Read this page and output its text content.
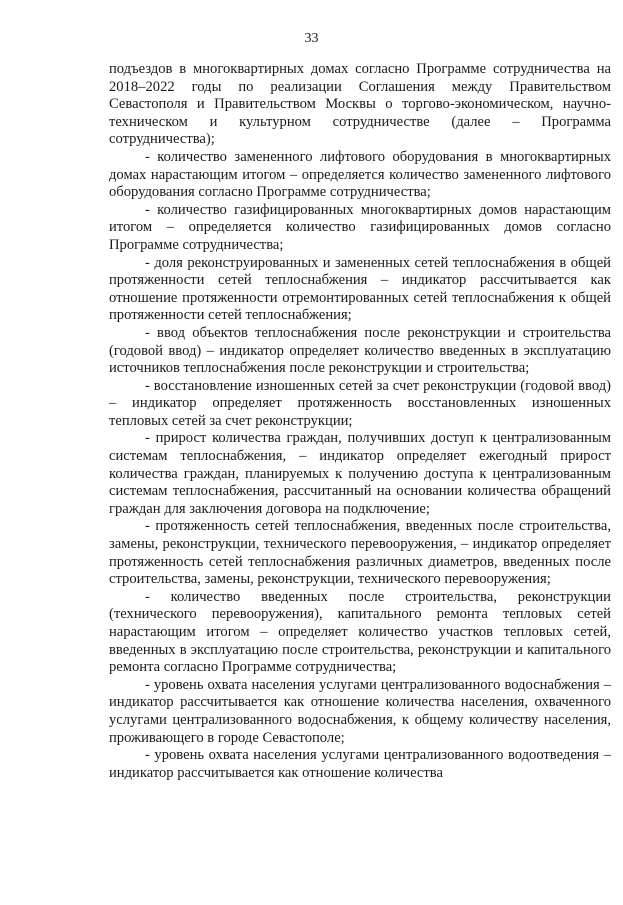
33

подъездов в многоквартирных домах согласно Программе сотрудничества на 2018–2022 годы по реализации Соглашения между Правительством Севастополя и Правительством Москвы о торгово-экономическом, научно-техническом и культурном сотрудничестве (далее – Программа сотрудничества);

- количество замененного лифтового оборудования в многоквартирных домах нарастающим итогом – определяется количество замененного лифтового оборудования согласно Программе сотрудничества;

- количество газифицированных многоквартирных домов нарастающим итогом – определяется количество газифицированных домов согласно Программе сотрудничества;

- доля реконструированных и замененных сетей теплоснабжения в общей протяженности сетей теплоснабжения – индикатор рассчитывается как отношение протяженности отремонтированных сетей теплоснабжения к общей протяженности сетей теплоснабжения;

- ввод объектов теплоснабжения после реконструкции и строительства (годовой ввод) – индикатор определяет количество введенных в эксплуатацию источников теплоснабжения после реконструкции и строительства;

- восстановление изношенных сетей за счет реконструкции (годовой ввод) – индикатор определяет протяженность восстановленных изношенных тепловых сетей за счет реконструкции;

- прирост количества граждан, получивших доступ к централизованным системам теплоснабжения, – индикатор определяет ежегодный прирост количества граждан, планируемых к получению доступа к централизованным системам теплоснабжения, рассчитанный на основании количества обращений граждан для заключения договора на подключение;

- протяженность сетей теплоснабжения, введенных после строительства, замены, реконструкции, технического перевооружения, – индикатор определяет протяженность сетей теплоснабжения различных диаметров, введенных после строительства, замены, реконструкции, технического перевооружения;

- количество введенных после строительства, реконструкции (технического перевооружения), капитального ремонта тепловых сетей нарастающим итогом – определяет количество участков тепловых сетей, введенных в эксплуатацию после строительства, реконструкции и капитального ремонта согласно Программе сотрудничества;

- уровень охвата населения услугами централизованного водоснабжения – индикатор рассчитывается как отношение количества населения, охваченного услугами централизованного водоснабжения, к общему количеству населения, проживающего в городе Севастополе;

- уровень охвата населения услугами централизованного водоотведения – индикатор рассчитывается как отношение количества
